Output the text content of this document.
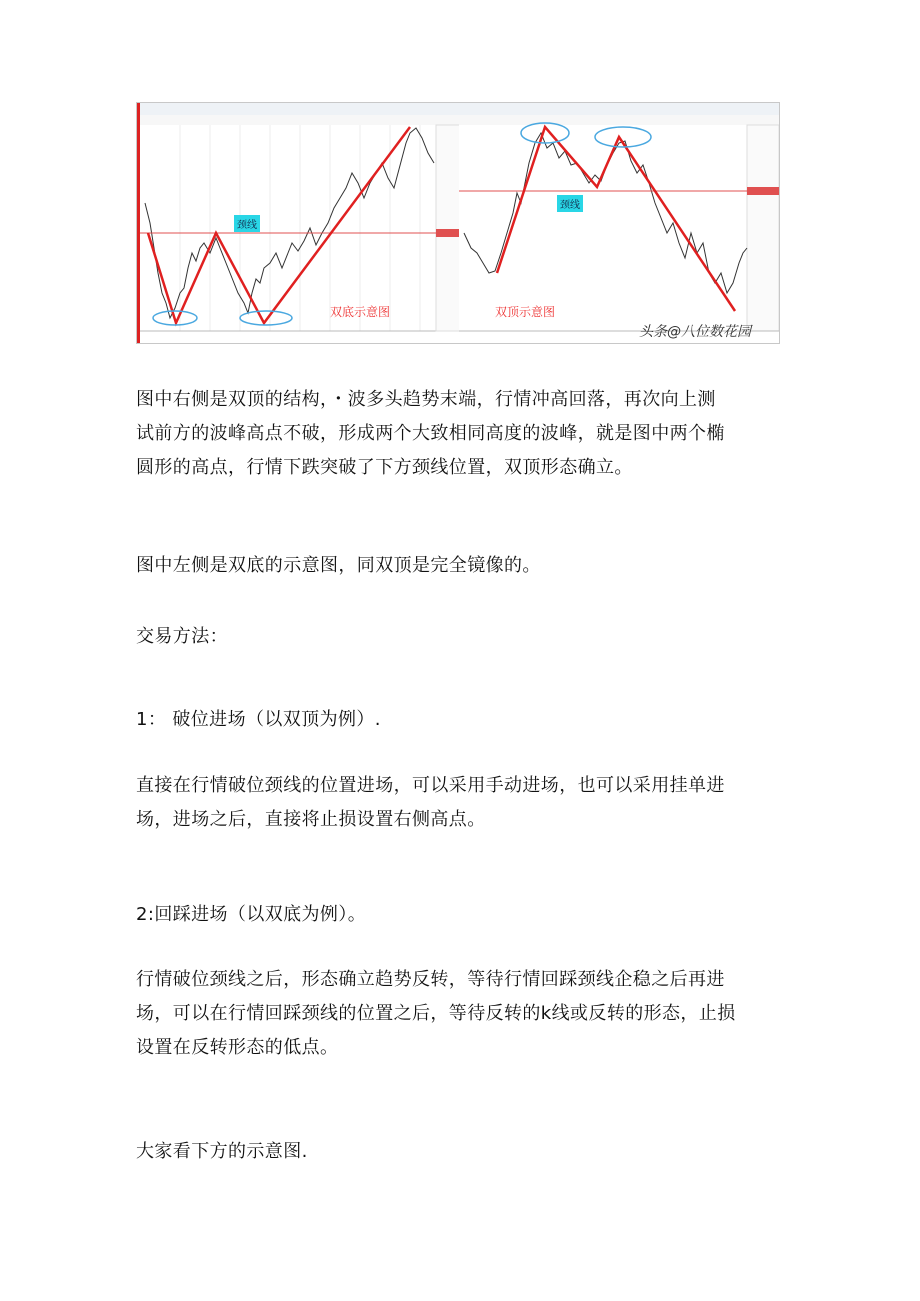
颈线
双底示意图
颈线
双顶示意图
头条@八位数花园

图中右侧是双顶的结构，・波多头趋势末端，行情冲高回落，再次向上测
试前方的波峰高点不破，形成两个大致相同高度的波峰，就是图中两个椭
圆形的高点，行情下跌突破了下方颈线位置，双顶形态确立。

图中左侧是双底的示意图，同双顶是完全镜像的。

交易方法：

1： 破位进场（以双顶为例）.

直接在行情破位颈线的位置进场，可以采用手动进场，也可以采用挂单进
场，进场之后，直接将止损设置右侧高点。

2:回踩进场（以双底为例）。

行情破位颈线之后，形态确立趋势反转，等待行情回踩颈线企稳之后再进
场，可以在行情回踩颈线的位置之后，等待反转的k线或反转的形态，止损
设置在反转形态的低点。

大家看下方的示意图.
